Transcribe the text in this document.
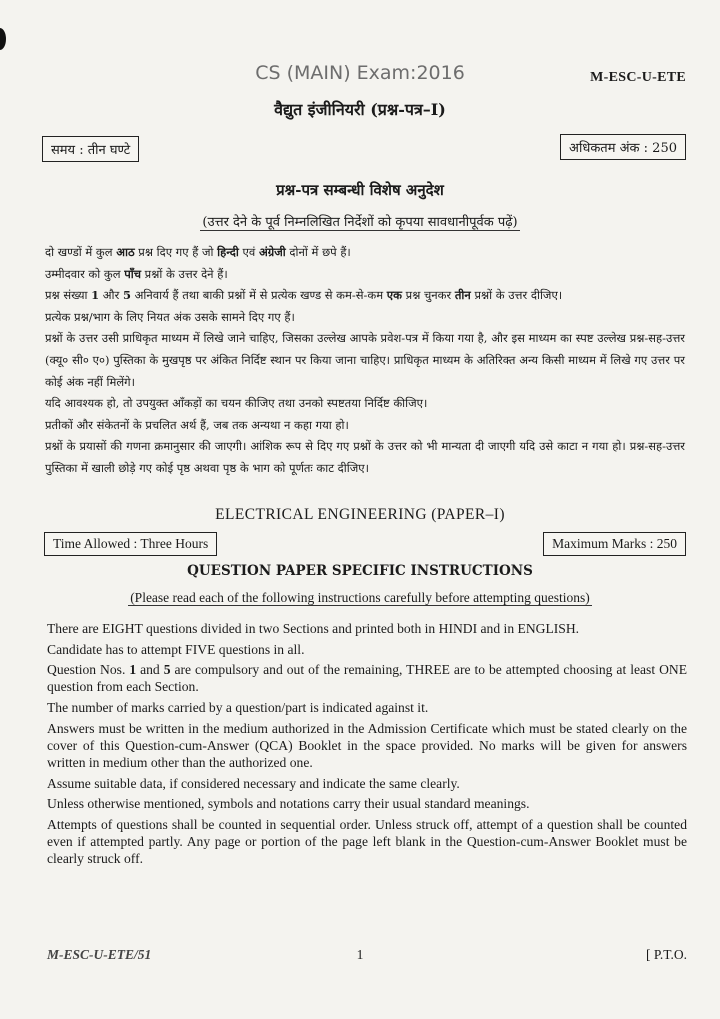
CS (MAIN) Exam:2016	M-ESC-U-ETE
वैद्युत इंजीनियरी (प्रश्न-पत्र–I)
समय : तीन घण्टे	अधिकतम अंक : 250
प्रश्न-पत्र सम्बन्धी विशेष अनुदेश
(उत्तर देने के पूर्व निम्नलिखित निर्देशों को कृपया सावधानीपूर्वक पढ़ें)
दो खण्डों में कुल आठ प्रश्न दिए गए हैं जो हिन्दी एवं अंग्रेजी दोनों में छपे हैं।
उम्मीदवार को कुल पाँच प्रश्नों के उत्तर देने हैं।
प्रश्न संख्या 1 और 5 अनिवार्य हैं तथा बाकी प्रश्नों में से प्रत्येक खण्ड से कम-से-कम एक प्रश्न चुनकर तीन प्रश्नों के उत्तर दीजिए।
प्रत्येक प्रश्न/भाग के लिए नियत अंक उसके सामने दिए गए हैं।
प्रश्नों के उत्तर उसी प्राधिकृत माध्यम में लिखे जाने चाहिए, जिसका उल्लेख आपके प्रवेश-पत्र में किया गया है, और इस माध्यम का स्पष्ट उल्लेख प्रश्न-सह-उत्तर (क्यू० सी० ए०) पुस्तिका के मुखपृष्ठ पर अंकित निर्दिष्ट स्थान पर किया जाना चाहिए। प्राधिकृत माध्यम के अतिरिक्त अन्य किसी माध्यम में लिखे गए उत्तर पर कोई अंक नहीं मिलेंगे।
यदि आवश्यक हो, तो उपयुक्त आँकड़ों का चयन कीजिए तथा उनको स्पष्टतया निर्दिष्ट कीजिए।
प्रतीकों और संकेतनों के प्रचलित अर्थ हैं, जब तक अन्यथा न कहा गया हो।
प्रश्नों के प्रयासों की गणना क्रमानुसार की जाएगी। आंशिक रूप से दिए गए प्रश्नों के उत्तर को भी मान्यता दी जाएगी यदि उसे काटा न गया हो। प्रश्न-सह-उत्तर पुस्तिका में खाली छोड़े गए कोई पृष्ठ अथवा पृष्ठ के भाग को पूर्णतः काट दीजिए।
ELECTRICAL ENGINEERING (PAPER–I)
Time Allowed : Three Hours	Maximum Marks : 250
QUESTION PAPER SPECIFIC INSTRUCTIONS
(Please read each of the following instructions carefully before attempting questions)

There are EIGHT questions divided in two Sections and printed both in HINDI and in ENGLISH.

Candidate has to attempt FIVE questions in all.

Question Nos. 1 and 5 are compulsory and out of the remaining, THREE are to be attempted choosing at least ONE question from each Section.

The number of marks carried by a question/part is indicated against it.

Answers must be written in the medium authorized in the Admission Certificate which must be stated clearly on the cover of this Question-cum-Answer (QCA) Booklet in the space provided. No marks will be given for answers written in medium other than the authorized one.

Assume suitable data, if considered necessary and indicate the same clearly.

Unless otherwise mentioned, symbols and notations carry their usual standard meanings.

Attempts of questions shall be counted in sequential order. Unless struck off, attempt of a question shall be counted even if attempted partly. Any page or portion of the page left blank in the Question-cum-Answer Booklet must be clearly struck off.

M-ESC-U-ETE/51	1	[ P.T.O.
